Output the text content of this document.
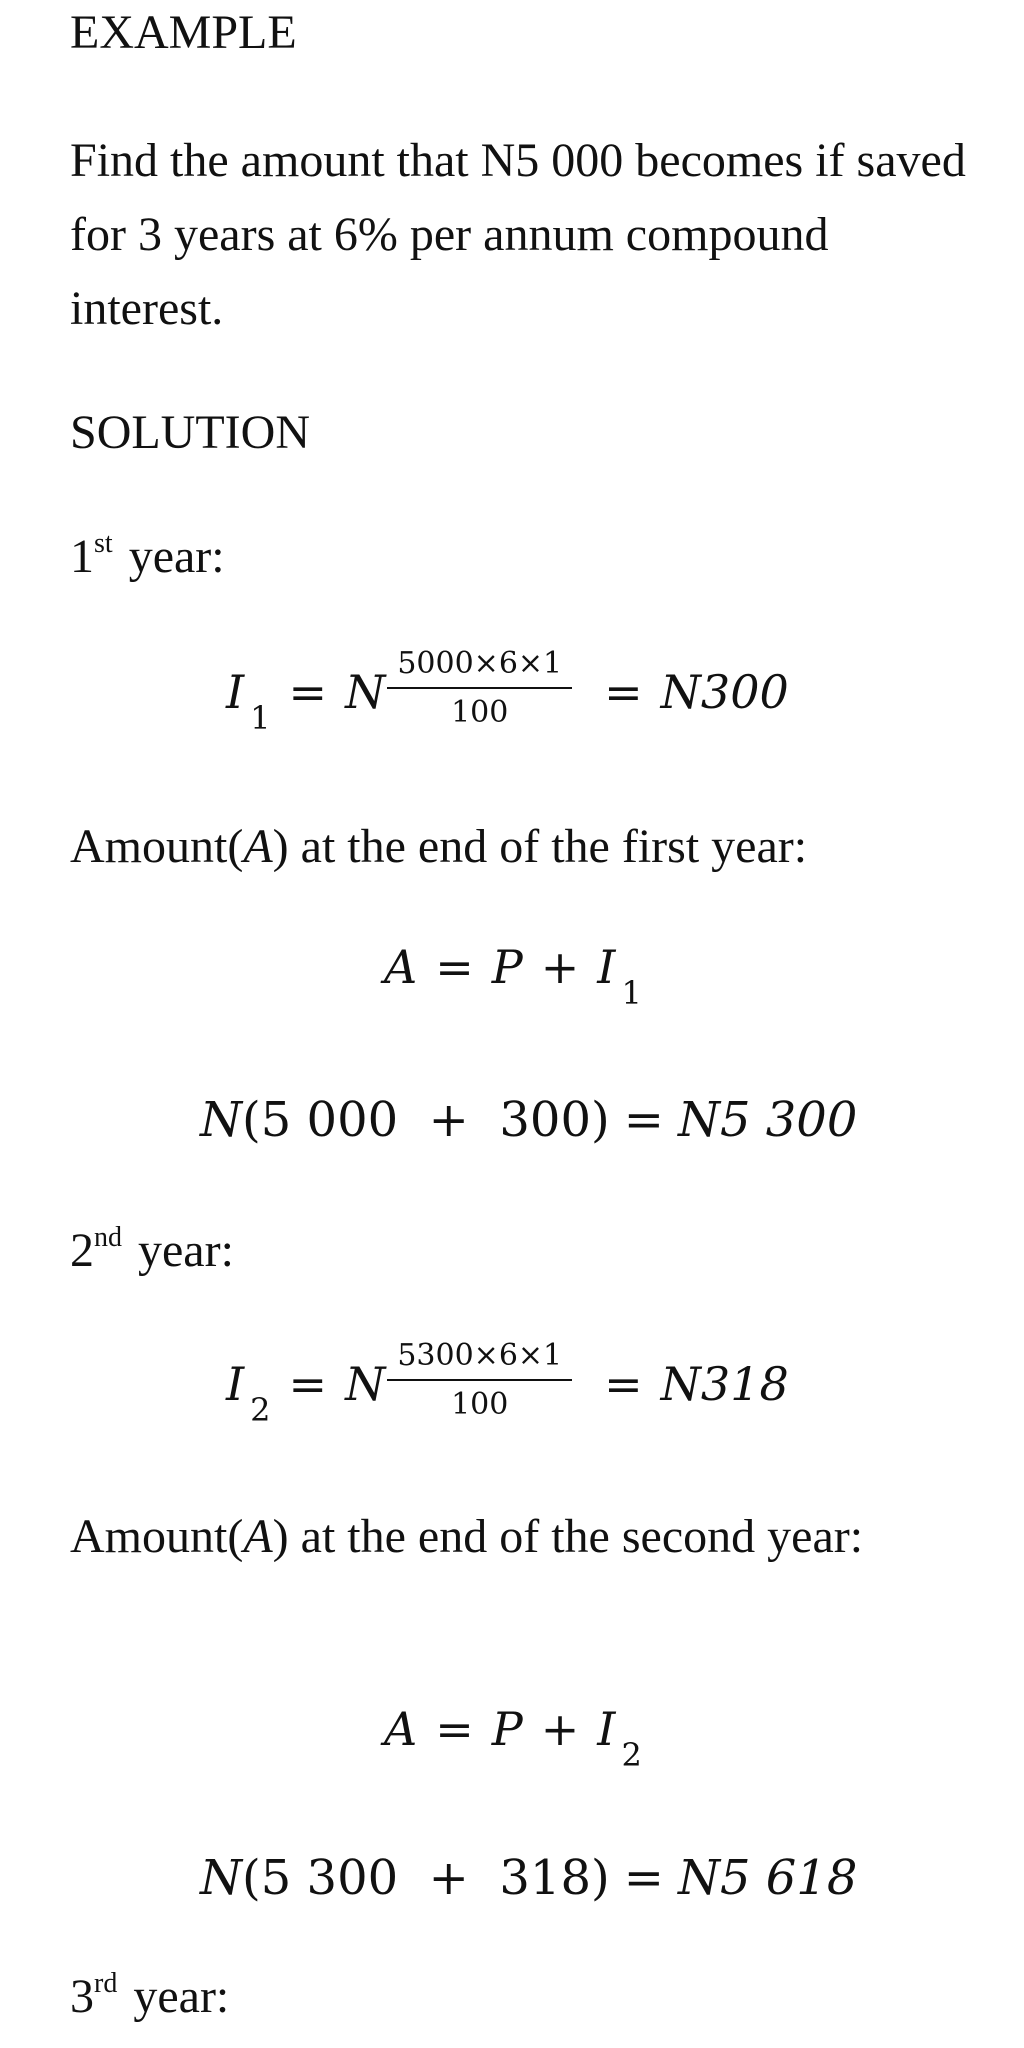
EXAMPLE

Find the amount that N5 000 becomes if saved for 3 years at 6% per annum compound interest.

SOLUTION

1st year:

I 1 = N $\frac{5000\times 6\times 1}{100} = N300$

Amount(A) at the end of the first year:

A = P + I 1
N (5 000  +  300) = N5 300

2nd year:

I 2 = N $\frac{5300\times 6\times 1}{100} = N318$

Amount(A) at the end of the second year:

A = P + I 2
N (5 300  +  318) = N5 618

3rd year:
